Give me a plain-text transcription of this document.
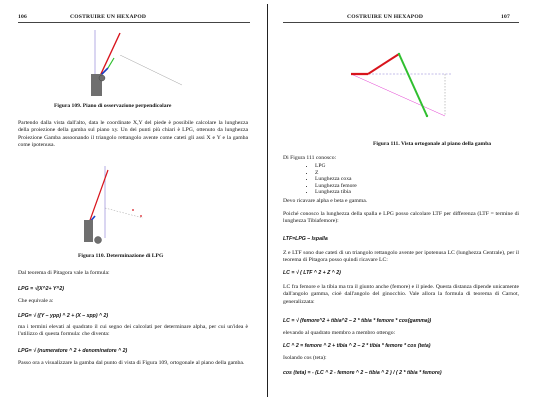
106	COSTRUIRE UN HEXAPOD
Figura 109. Piano di osservazione perpendicolare
Partendo dalla vista dall'alto, data le coordinate X,Y del piede è possibile calcolare la lunghezza della proiezione della gamba sul piano xy. Un dei punti più chiari è LPG, ottenuto da lunghezza Proiezione Gamba assoonando il triangolo rettangolo avente come cateti gli assi X e Y e la gamba come ipotenusa.
Figura 110. Determinazione di LPG
Dal teorema di Pitagora vale la formula:
LPG = √(X^2+ Y^2)
Che equivale a:
LPG= √ ((Y – ypp) ^ 2 + (X – xpp) ^ 2)
ma i termini elevati al quadrato il cui segno dei calcolati per determinare alpha, per cui un'idea è l'utilizzo di questa formula: che diventa:
LPG= √ (numeratore ^ 2 + denominatore ^ 2)
Passo ora a visualizzare la gamba dal punto di vista di Figura 109, ortogonale al piano della gamba.
COSTRUIRE UN HEXAPOD	107
Figura 111. Vista ortogonale al piano della gamba
Di Figura 111 conosco:
• LPG
• Z
• Lunghezza coxa
• Lunghezza femore
• Lunghezza tibia
Devo ricavare alpha e beta e gamma.
Poiché conosco la lunghezza della spalla e LPG posso calcolare LTF per differenza (LTF = termine di lunghezza Tibiafemore):
LTF=LPG – lspalla
Z e LTF sono due cateti di un triangolo rettangolo avente per ipotenusa LC (lunghezza Centrale), per il teorema di Pitagora posso quindi ricavare LC:
LC = √ ( LTF ^ 2 + Z ^ 2)
LC fra femore e la tibia ma tra il giunto anche (femore) e il piede. Questa distanza dipende unicamente dall'angolo gamma, cioè dall'angolo del ginocchio. Vale allora la formula di teorema di Carnot, generalizzata:
LC = √ (femore^2 + tibia^2 – 2 * tibia * femore * cos(gamma))
elevando al quadrato membro a membro ottengo:
LC ^ 2 = femore ^ 2 + tibia ^ 2 – 2 * tibia * femore * cos (teta)
Isolando cos (teta):
cos (teta) = - (LC ^ 2 - femore ^ 2 – tibia ^ 2 ) / ( 2 * tibia * femore)
